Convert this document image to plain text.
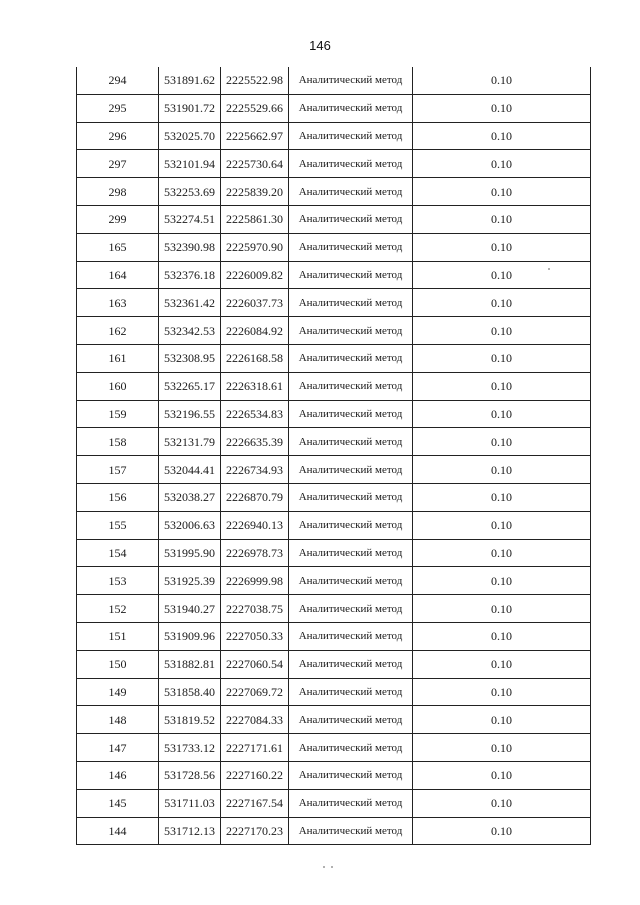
146
294	531891.62	2225522.98	Аналитический метод	0.10
295	531901.72	2225529.66	Аналитический метод	0.10
296	532025.70	2225662.97	Аналитический метод	0.10
297	532101.94	2225730.64	Аналитический метод	0.10
298	532253.69	2225839.20	Аналитический метод	0.10
299	532274.51	2225861.30	Аналитический метод	0.10
165	532390.98	2225970.90	Аналитический метод	0.10
164	532376.18	2226009.82	Аналитический метод	0.10
163	532361.42	2226037.73	Аналитический метод	0.10
162	532342.53	2226084.92	Аналитический метод	0.10
161	532308.95	2226168.58	Аналитический метод	0.10
160	532265.17	2226318.61	Аналитический метод	0.10
159	532196.55	2226534.83	Аналитический метод	0.10
158	532131.79	2226635.39	Аналитический метод	0.10
157	532044.41	2226734.93	Аналитический метод	0.10
156	532038.27	2226870.79	Аналитический метод	0.10
155	532006.63	2226940.13	Аналитический метод	0.10
154	531995.90	2226978.73	Аналитический метод	0.10
153	531925.39	2226999.98	Аналитический метод	0.10
152	531940.27	2227038.75	Аналитический метод	0.10
151	531909.96	2227050.33	Аналитический метод	0.10
150	531882.81	2227060.54	Аналитический метод	0.10
149	531858.40	2227069.72	Аналитический метод	0.10
148	531819.52	2227084.33	Аналитический метод	0.10
147	531733.12	2227171.61	Аналитический метод	0.10
146	531728.56	2227160.22	Аналитический метод	0.10
145	531711.03	2227167.54	Аналитический метод	0.10
144	531712.13	2227170.23	Аналитический метод	0.10
